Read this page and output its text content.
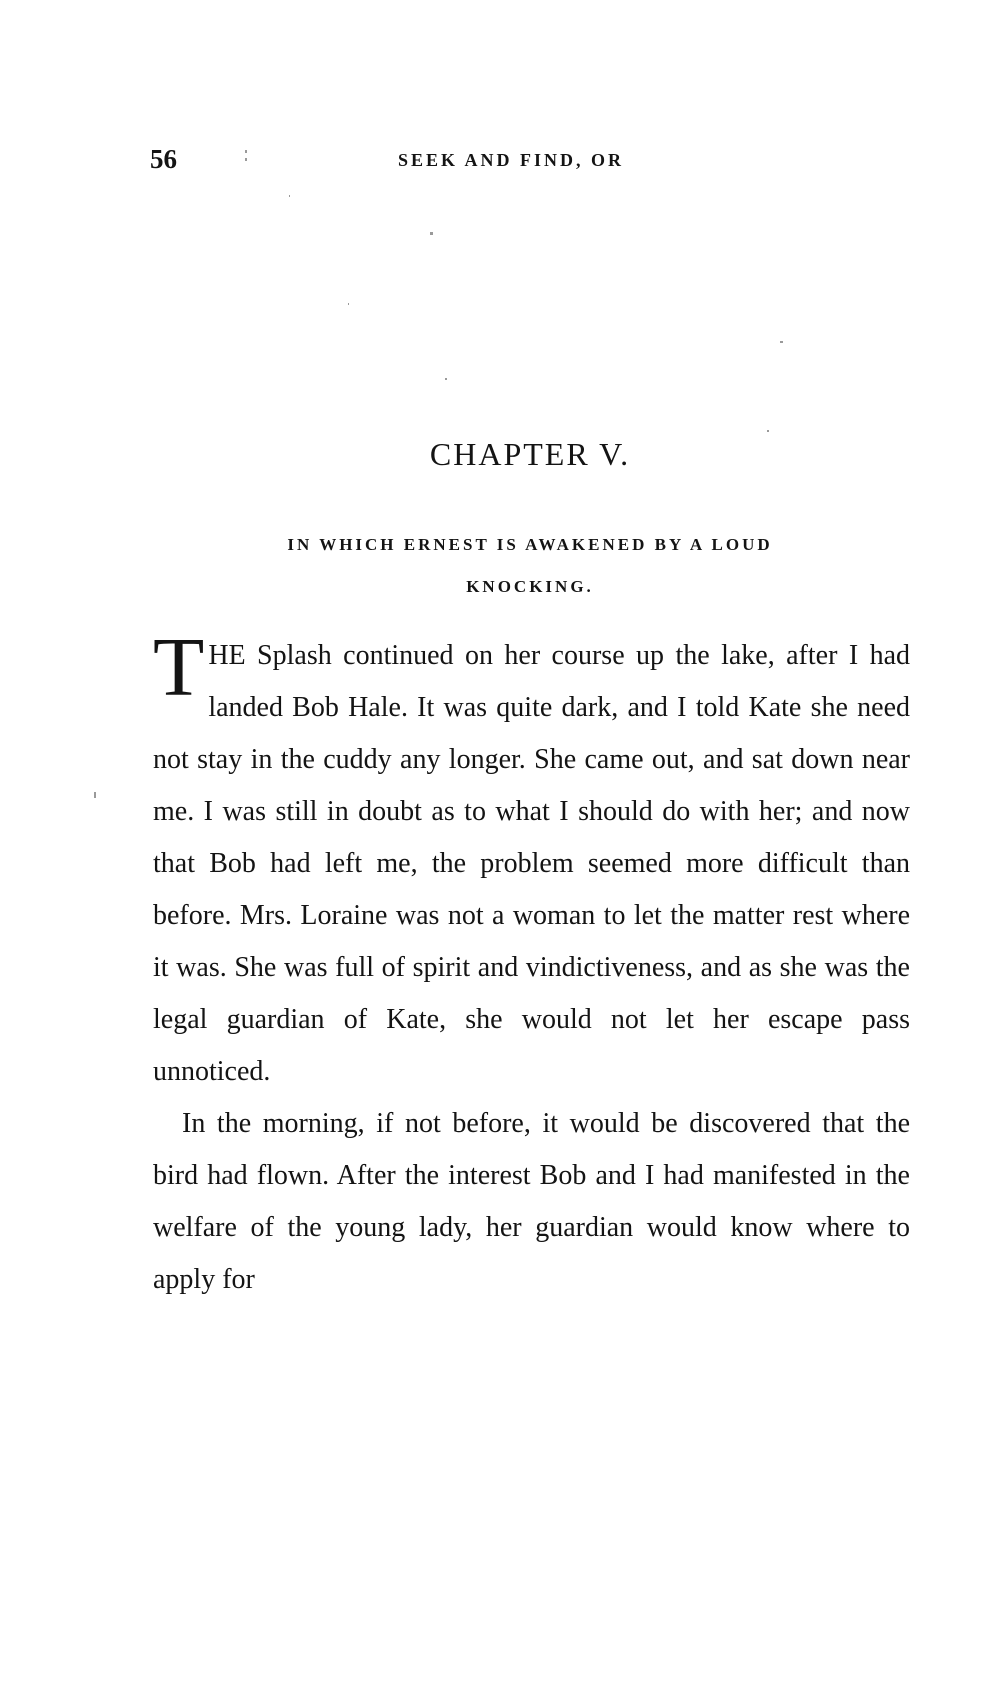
56	SEEK AND FIND, OR
CHAPTER V.
IN WHICH ERNEST IS AWAKENED BY A LOUD
KNOCKING.

THE Splash continued on her course up the lake, after I had landed Bob Hale. It was quite dark, and I told Kate she need not stay in the cuddy any longer. She came out, and sat down near me. I was still in doubt as to what I should do with her; and now that Bob had left me, the problem seemed more difficult than before. Mrs. Loraine was not a woman to let the matter rest where it was. She was full of spirit and vindictiveness, and as she was the legal guardian of Kate, she would not let her escape pass unnoticed.

In the morning, if not before, it would be discovered that the bird had flown. After the interest Bob and I had manifested in the welfare of the young lady, her guardian would know where to apply for
